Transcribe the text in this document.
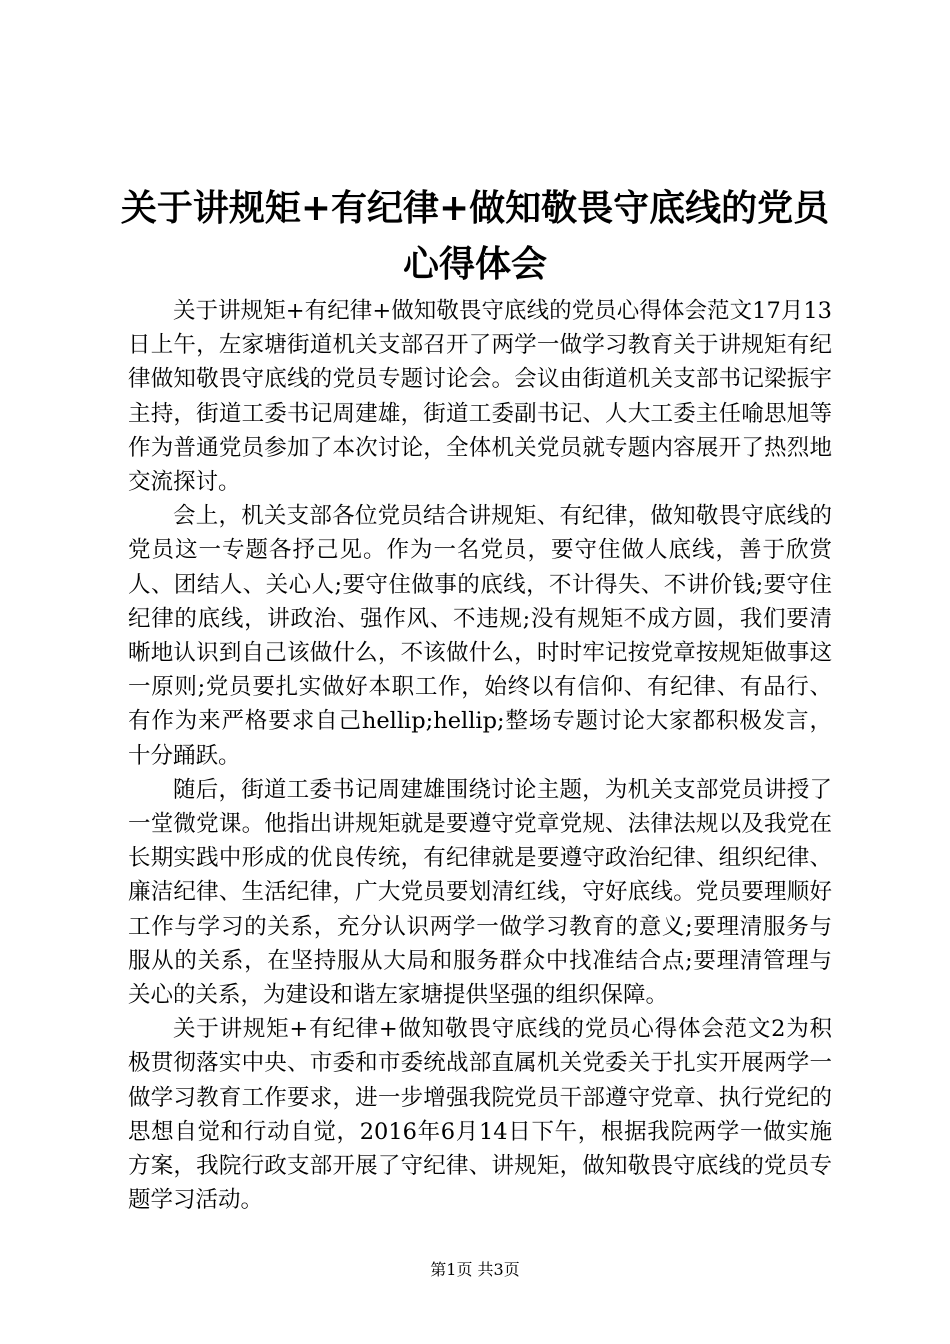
关于讲规矩+有纪律+做知敬畏守底线的党员心得体会

关于讲规矩+有纪律+做知敬畏守底线的党员心得体会范文17月13日上午，左家塘街道机关支部召开了两学一做学习教育关于讲规矩有纪律做知敬畏守底线的党员专题讨论会。会议由街道机关支部书记梁振宇主持，街道工委书记周建雄，街道工委副书记、人大工委主任喻思旭等作为普通党员参加了本次讨论，全体机关党员就专题内容展开了热烈地交流探讨。

会上，机关支部各位党员结合讲规矩、有纪律，做知敬畏守底线的党员这一专题各抒己见。作为一名党员，要守住做人底线，善于欣赏人、团结人、关心人;要守住做事的底线，不计得失、不讲价钱;要守住纪律的底线，讲政治、强作风、不违规;没有规矩不成方圆，我们要清晰地认识到自己该做什么，不该做什么，时时牢记按党章按规矩做事这一原则;党员要扎实做好本职工作，始终以有信仰、有纪律、有品行、有作为来严格要求自己hellip;hellip;整场专题讨论大家都积极发言，十分踊跃。

随后，街道工委书记周建雄围绕讨论主题，为机关支部党员讲授了一堂微党课。他指出讲规矩就是要遵守党章党规、法律法规以及我党在长期实践中形成的优良传统，有纪律就是要遵守政治纪律、组织纪律、廉洁纪律、生活纪律，广大党员要划清红线，守好底线。党员要理顺好工作与学习的关系，充分认识两学一做学习教育的意义;要理清服务与服从的关系，在坚持服从大局和服务群众中找准结合点;要理清管理与关心的关系，为建设和谐左家塘提供坚强的组织保障。

关于讲规矩+有纪律+做知敬畏守底线的党员心得体会范文2为积极贯彻落实中央、市委和市委统战部直属机关党委关于扎实开展两学一做学习教育工作要求，进一步增强我院党员干部遵守党章、执行党纪的思想自觉和行动自觉，2016年6月14日下午，根据我院两学一做实施方案，我院行政支部开展了守纪律、讲规矩，做知敬畏守底线的党员专题学习活动。

第1页 共3页
